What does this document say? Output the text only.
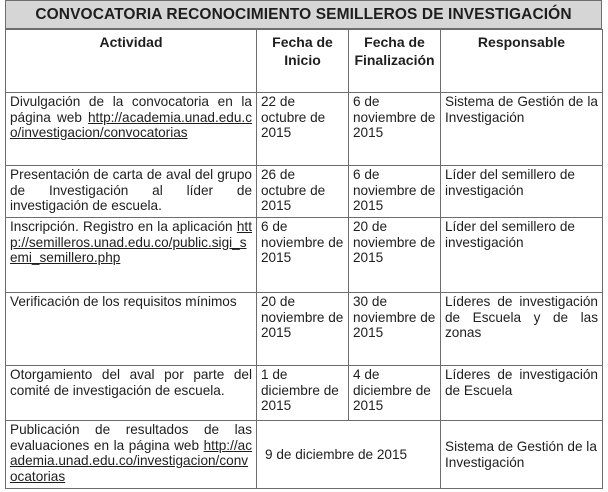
CONVOCATORIA RECONOCIMIENTO SEMILLEROS DE INVESTIGACIÓN
Actividad	Fecha de Inicio	Fecha de Finalización	Responsable
Divulgación de la convocatoria en la página web http://academia.unad.edu.co/investigacion/convocatorias	22 de octubre de 2015	6 de noviembre de 2015	Sistema de Gestión de la Investigación
Presentación de carta de aval del grupo de Investigación al líder de investigación de escuela.	26 de octubre de 2015	6 de noviembre de 2015	Líder del semillero de investigación
Inscripción. Registro en la aplicación http://semilleros.unad.edu.co/public.sigi_semi_semillero.php	6 de noviembre de 2015	20 de noviembre de 2015	Líder del semillero de investigación
Verificación de los requisitos mínimos	20 de noviembre de 2015	30 de noviembre de 2015	Líderes de investigación de Escuela y de las zonas
Otorgamiento del aval por parte del comité de investigación de escuela.	1 de diciembre de 2015	4 de diciembre de 2015	Líderes de investigación de Escuela
Publicación de resultados de las evaluaciones en la página web http://academia.unad.edu.co/investigacion/convocatorias	9 de diciembre de 2015		Sistema de Gestión de la Investigación
